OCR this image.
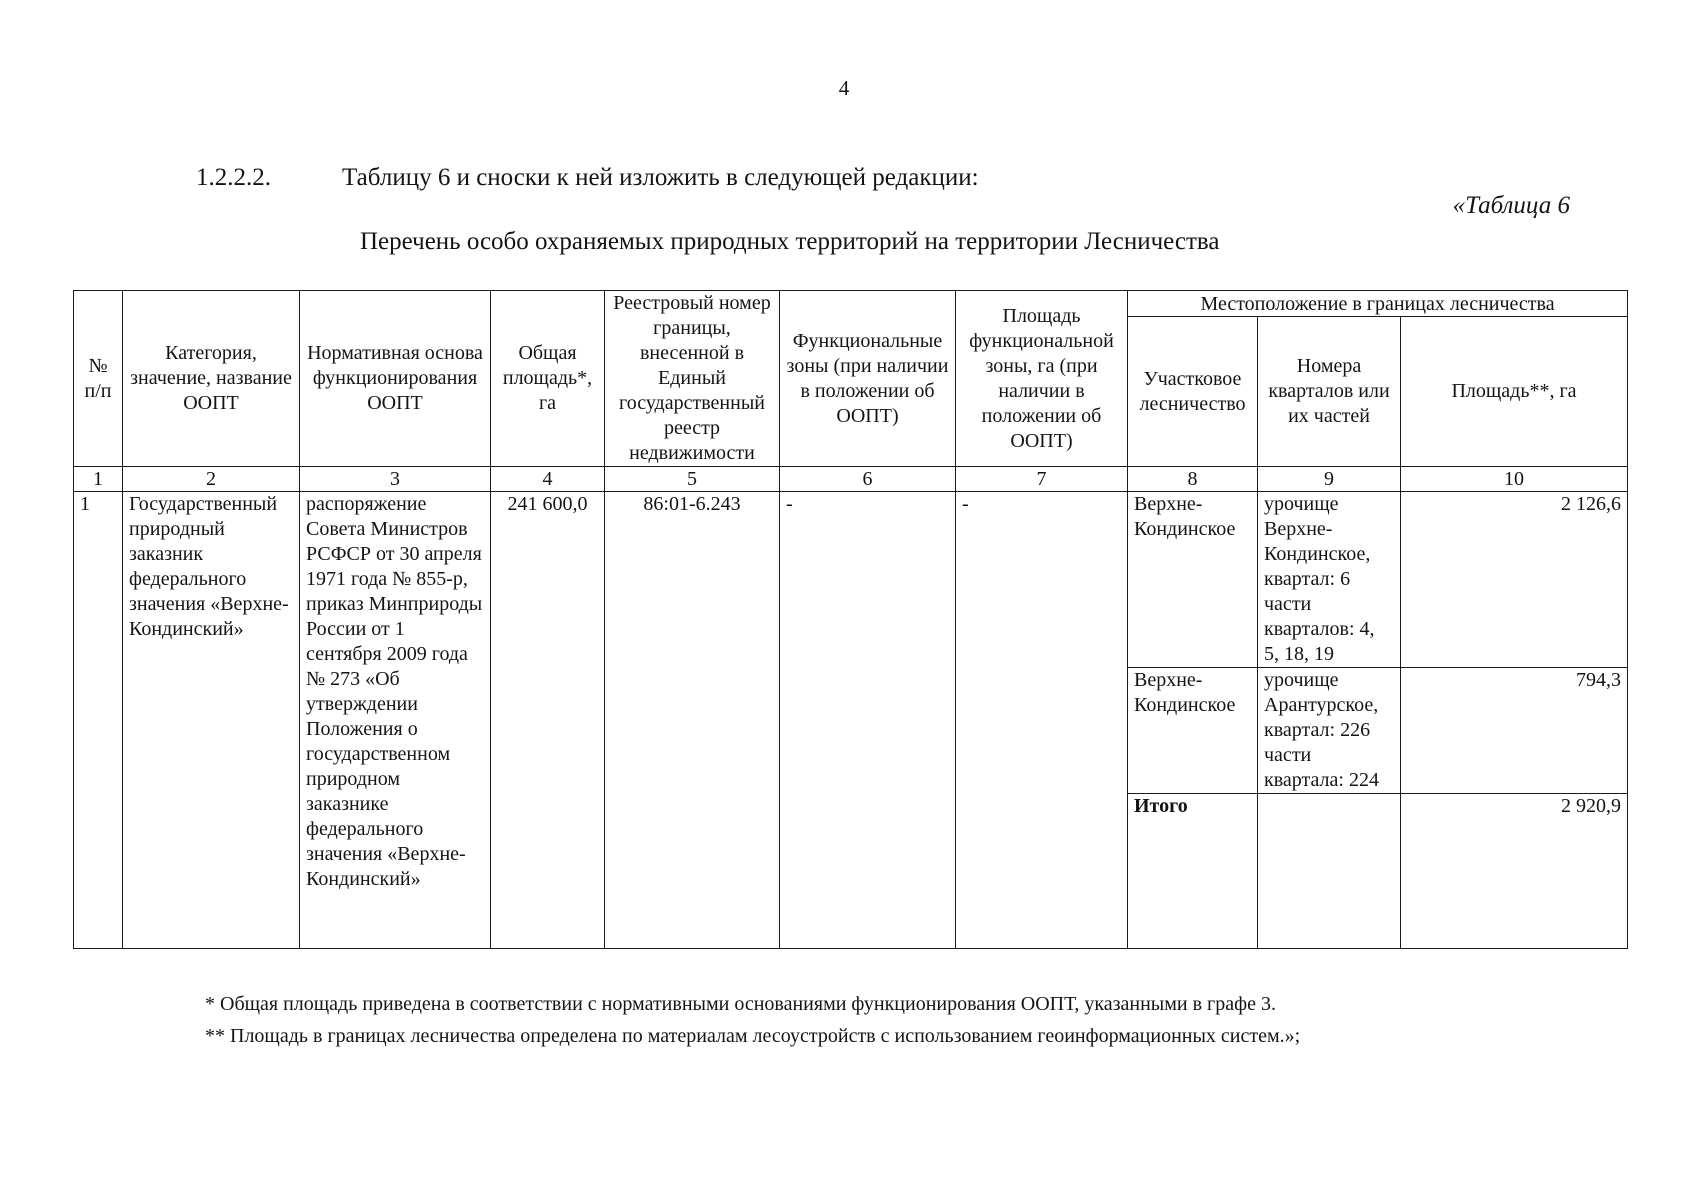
4
1.2.2.2.	Таблицу 6 и сноски к ней изложить в следующей редакции:
«Таблица 6
Перечень особо охраняемых природных территорий на территории Лесничества
№ п/п	Категория, значение, название ООПТ	Нормативная основа функционирования ООПТ	Общая площадь*, га	Реестровый номер границы, внесенной в Единый государственный реестр недвижимости	Функциональные зоны (при наличии в положении об ООПТ)	Площадь функциональной зоны, га (при наличии в положении об ООПТ)	Местоположение в границах лесничества		
							Участковое лесничество	Номера кварталов или их частей	Площадь**, га
1	2	3	4	5	6	7	8	9	10
1	Государственный природный заказник федерального значения «Верхне-Кондинский»	распоряжение Совета Министров РСФСР от 30 апреля 1971 года № 855-р, приказ Минприроды России от 1 сентября 2009 года № 273 «Об утверждении Положения о государственном природном заказнике федерального значения «Верхне-Кондинский»	241 600,0	86:01-6.243	-	-	Верхне-Кондинское	урочище Верхне-Кондинское, квартал: 6 части кварталов: 4, 5, 18, 19	2 126,6
							Верхне-Кондинское	урочище Арантурское, квартал: 226 части квартала: 224	794,3
							Итого		2 920,9
* Общая площадь приведена в соответствии с нормативными основаниями функционирования ООПТ, указанными в графе 3.
** Площадь в границах лесничества определена по материалам лесоустройств с использованием геоинформационных систем.»;
